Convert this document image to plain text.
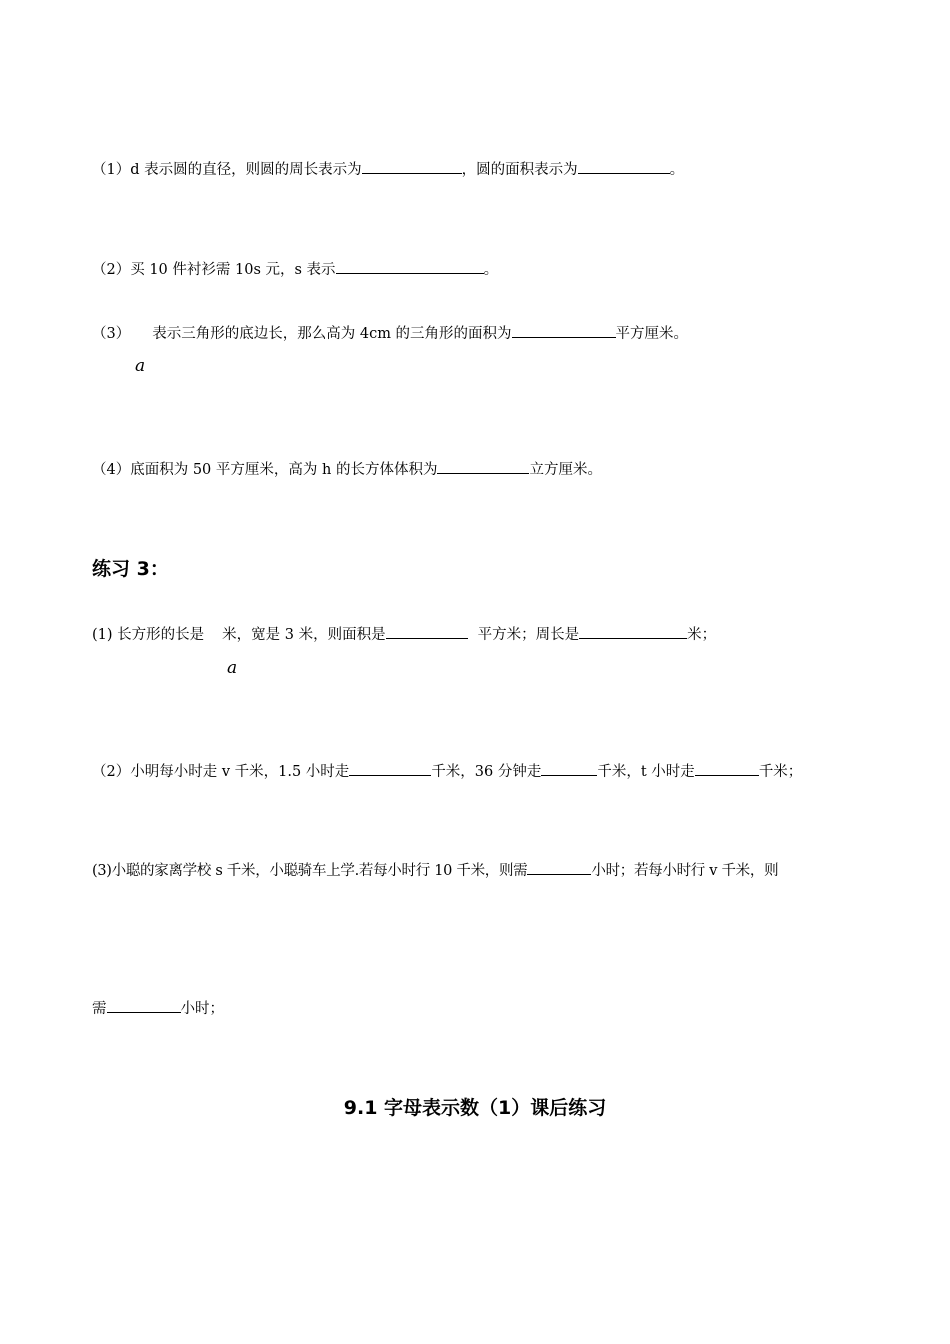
（1）d 表示圆的直径，则圆的周长表示为	，圆的面积表示为	。
（2）买 10 件衬衫需 10s 元，s 表示	。
（3） 表示三角形的底边长，那么高为 4cm 的三角形的面积为	平方厘米。
a
（4）底面积为 50 平方厘米，高为 h 的长方体体积为	立方厘米。
练习 3：
(1) 长方形的长是 米，宽是 3 米，则面积是	平方米；周长是	米；
a
（2）小明每小时走 v 千米，1.5 小时走	千米，36 分钟走	千米，t 小时走	千米；
(3)小聪的家离学校 s 千米，小聪骑车上学.若每小时行 10 千米，则需	小时；若每小时行 v 千米，则
需	小时；
9.1 字母表示数（1）课后练习
